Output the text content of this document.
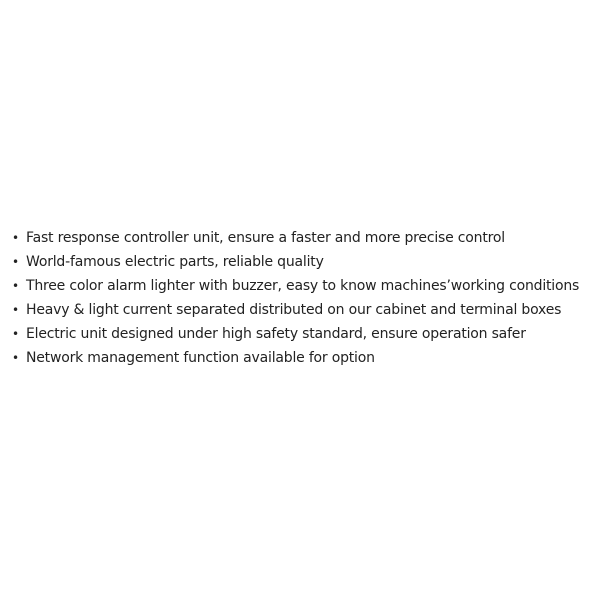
• Fast response controller unit, ensure a faster and more precise control
• World-famous electric parts, reliable quality
• Three color alarm lighter with buzzer, easy to know machines’working conditions
• Heavy & light current separated distributed on our cabinet and terminal boxes
• Electric unit designed under high safety standard, ensure operation safer
• Network management function available for option
